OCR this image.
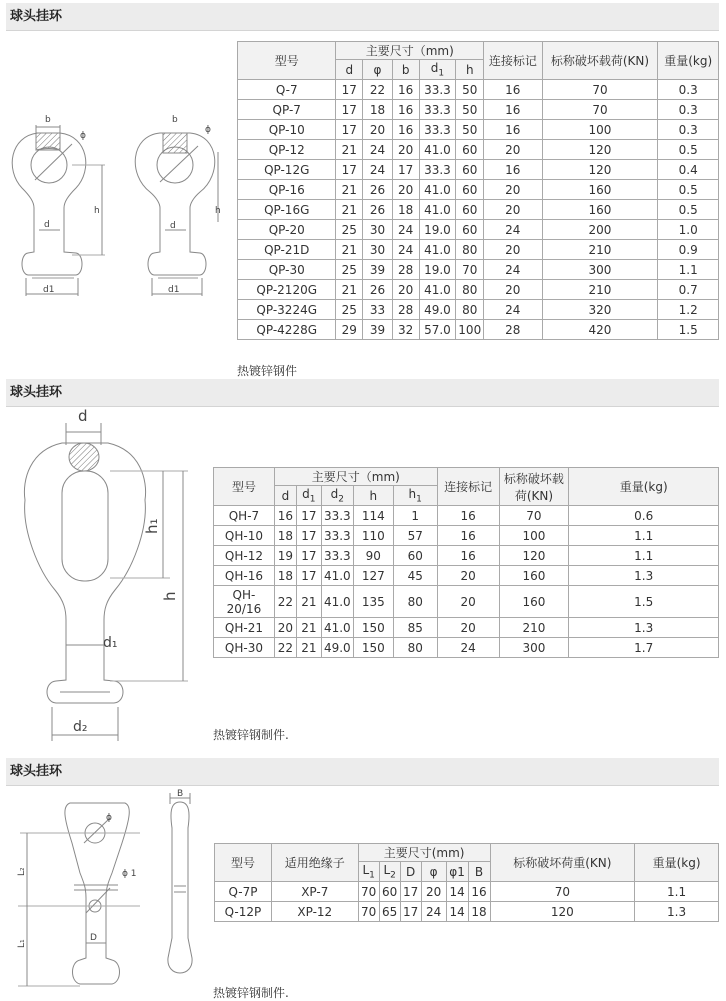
球头挂环
b
ϕ
h
d
d1
b
ϕ
h
d
d1
型号	主要尺寸（mm)					连接标记	标称破坏载荷(KN)	重量(kg)
	d	φ	b	$d_1$	h			
Q-7	17	22	16	33.3	50	16	70	0.3
QP-7	17	18	16	33.3	50	16	70	0.3
QP-10	17	20	16	33.3	50	16	100	0.3
QP-12	21	24	20	41.0	60	20	120	0.5
QP-12G	17	24	17	33.3	60	16	120	0.4
QP-16	21	26	20	41.0	60	20	160	0.5
QP-16G	21	26	18	41.0	60	20	160	0.5
QP-20	25	30	24	19.0	60	24	200	1.0
QP-21D	21	30	24	41.0	80	20	210	0.9
QP-30	25	39	28	19.0	70	24	300	1.1
QP-2120G	21	26	20	41.0	80	20	210	0.7
QP-3224G	25	33	28	49.0	80	24	320	1.2
QP-4228G	29	39	32	57.0	100	28	420	1.5
热镀锌钢件
球头挂环
d
h₁
h
d₁
d₂
型号	主要尺寸（mm)					连接标记	标称破坏载
荷(KN)	重量(kg)
	d	$d_1$	$d_2$	h	$h_1$
QH-7	16	17	33.3	114	1	16	70	0.6
QH-10	18	17	33.3	110	57	16	100	1.1
QH-12	19	17	33.3	90	60	16	120	1.1
QH-16	18	17	41.0	127	45	20	160	1.3
QH-
20/16	22	21	41.0	135	80	20	160	1.5
QH-21	20	21	41.0	150	85	20	210	1.3
QH-30	22	21	49.0	150	80	24	300	1.7
热镀锌钢制件.
球头挂环
ϕ
ϕ 1
L₂
L₁
D
B
型号	适用绝缘子	主要尺寸(mm)						标称破坏荷重(KN)	重量(kg)
		$L_1$	$L_2$	D	φ	φ1	B		
Q-7P	XP-7	70	60	17	20	14	16	70	1.1
Q-12P	XP-12	70	65	17	24	14	18	120	1.3
热镀锌钢制件.
